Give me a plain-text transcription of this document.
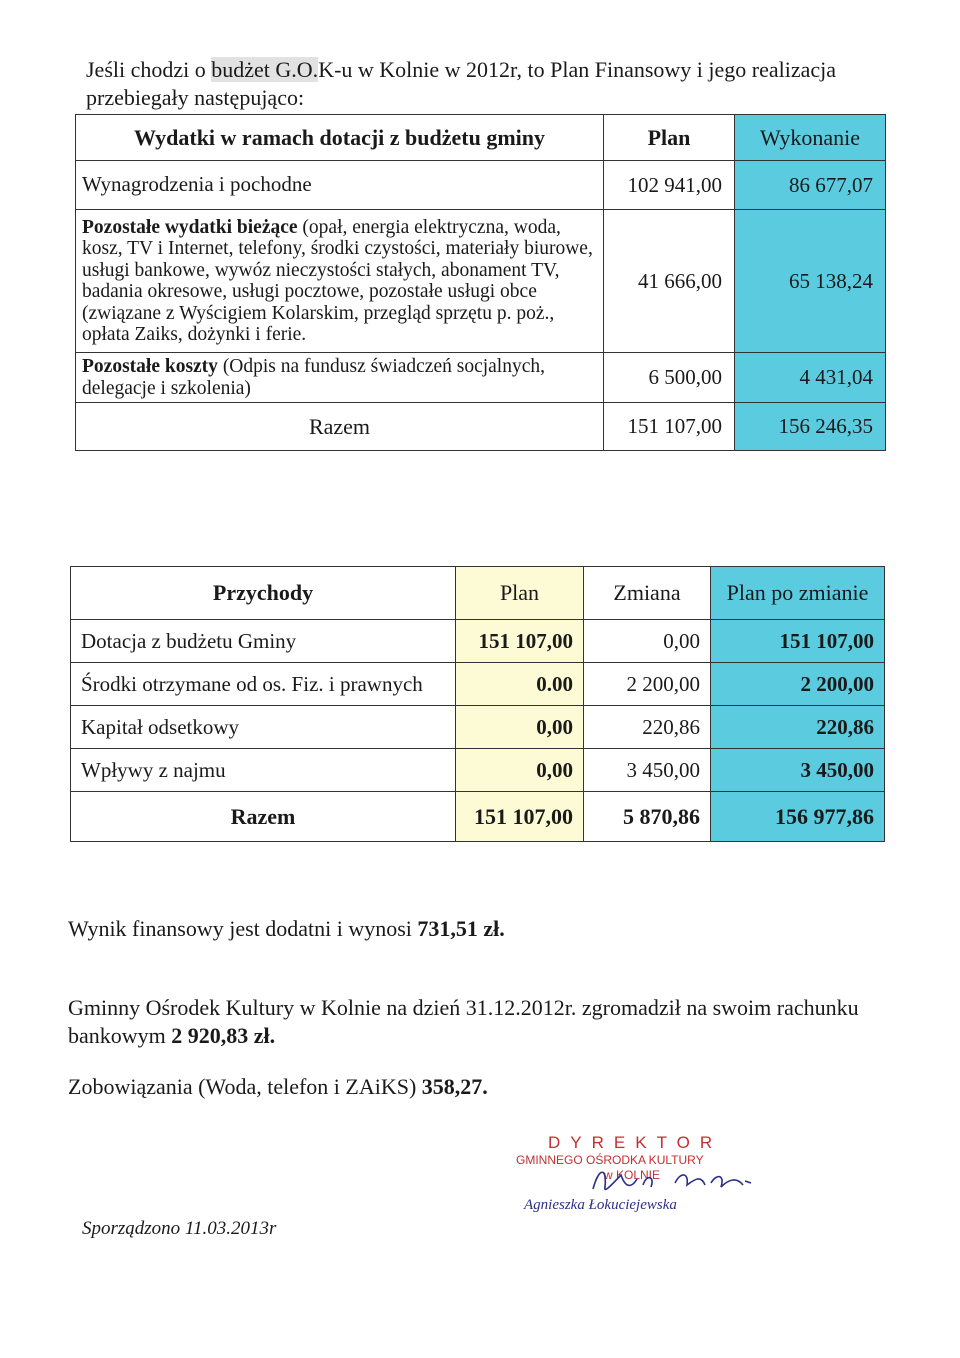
Jeśli chodzi o budżet G.O.K-u w Kolnie w 2012r, to Plan Finansowy i jego realizacja
przebiegały następująco:
Wydatki w ramach dotacji z budżetu gminy	Plan	Wykonanie
Wynagrodzenia i pochodne	102 941,00	86 677,07
Pozostałe wydatki bieżące (opał, energia elektryczna, woda, kosz, TV i Internet, telefony, środki czystości, materiały biurowe, usługi bankowe, wywóz nieczystości stałych, abonament TV, badania okresowe, usługi pocztowe, pozostałe usługi obce (związane z Wyścigiem Kolarskim, przegląd sprzętu p. poż., opłata Zaiks, dożynki i ferie.	41 666,00	65 138,24
Pozostałe koszty (Odpis na fundusz świadczeń socjalnych, delegacje i szkolenia)	6 500,00	4 431,04
Razem	151 107,00	156 246,35
Przychody	Plan	Zmiana	Plan po zmianie
Dotacja z budżetu Gminy	151 107,00	0,00	151 107,00
Środki otrzymane od os. Fiz. i prawnych	0.00	2 200,00	2 200,00
Kapitał odsetkowy	0,00	220,86	220,86
Wpływy z najmu	0,00	3 450,00	3 450,00
Razem	151 107,00	5 870,86	156 977,86
Wynik finansowy jest dodatni i wynosi 731,51 zł.
Gminny Ośrodek Kultury w Kolnie na dzień 31.12.2012r. zgromadził na swoim rachunku bankowym 2 920,83 zł.
Zobowiązania (Woda, telefon i ZAiKS) 358,27.
DYREKTOR
GMINNEGO OŚRODKA KULTURY
w KOLNIE
Agnieszka Łokuciejewska
Sporządzono 11.03.2013r
